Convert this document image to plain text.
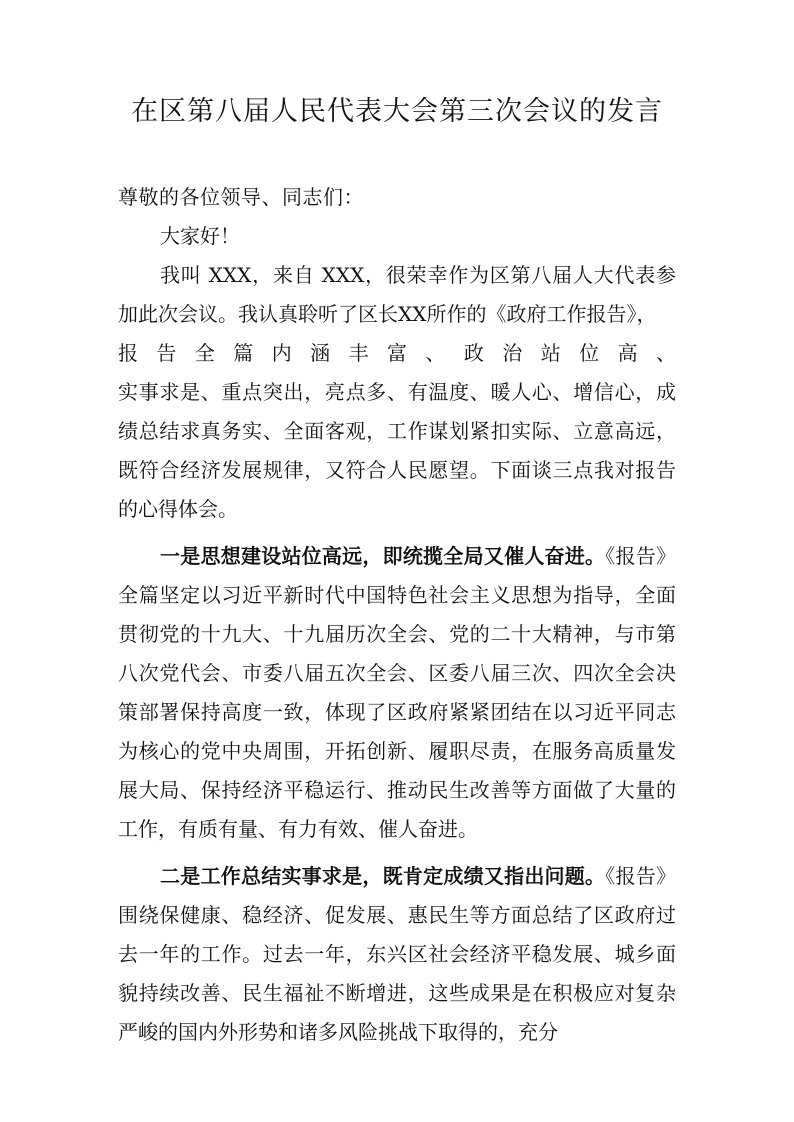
在区第八届人民代表大会第三次会议的发言

尊敬的各位领导、同志们：

大家好！

我叫 XXX，来自 XXX，很荣幸作为区第八届人大代表参加此次会议。我认真聆听了区长XX所作的《政府工作报告》，

报告全篇内涵丰富、政治站位高、

实事求是、重点突出，亮点多、有温度、暖人心、增信心，成绩总结求真务实、全面客观，工作谋划紧扣实际、立意高远，既符合经济发展规律，又符合人民愿望。下面谈三点我对报告的心得体会。

一是思想建设站位高远，即统揽全局又催人奋进。《报告》全篇坚定以习近平新时代中国特色社会主义思想为指导，全面贯彻党的十九大、十九届历次全会、党的二十大精神，与市第八次党代会、市委八届五次全会、区委八届三次、四次全会决策部署保持高度一致，体现了区政府紧紧团结在以习近平同志为核心的党中央周围，开拓创新、履职尽责，在服务高质量发展大局、保持经济平稳运行、推动民生改善等方面做了大量的工作，有质有量、有力有效、催人奋进。

二是工作总结实事求是，既肯定成绩又指出问题。《报告》围绕保健康、稳经济、促发展、惠民生等方面总结了区政府过去一年的工作。过去一年，东兴区社会经济平稳发展、城乡面貌持续改善、民生福祉不断增进，这些成果是在积极应对复杂严峻的国内外形势和诸多风险挑战下取得的，充分
